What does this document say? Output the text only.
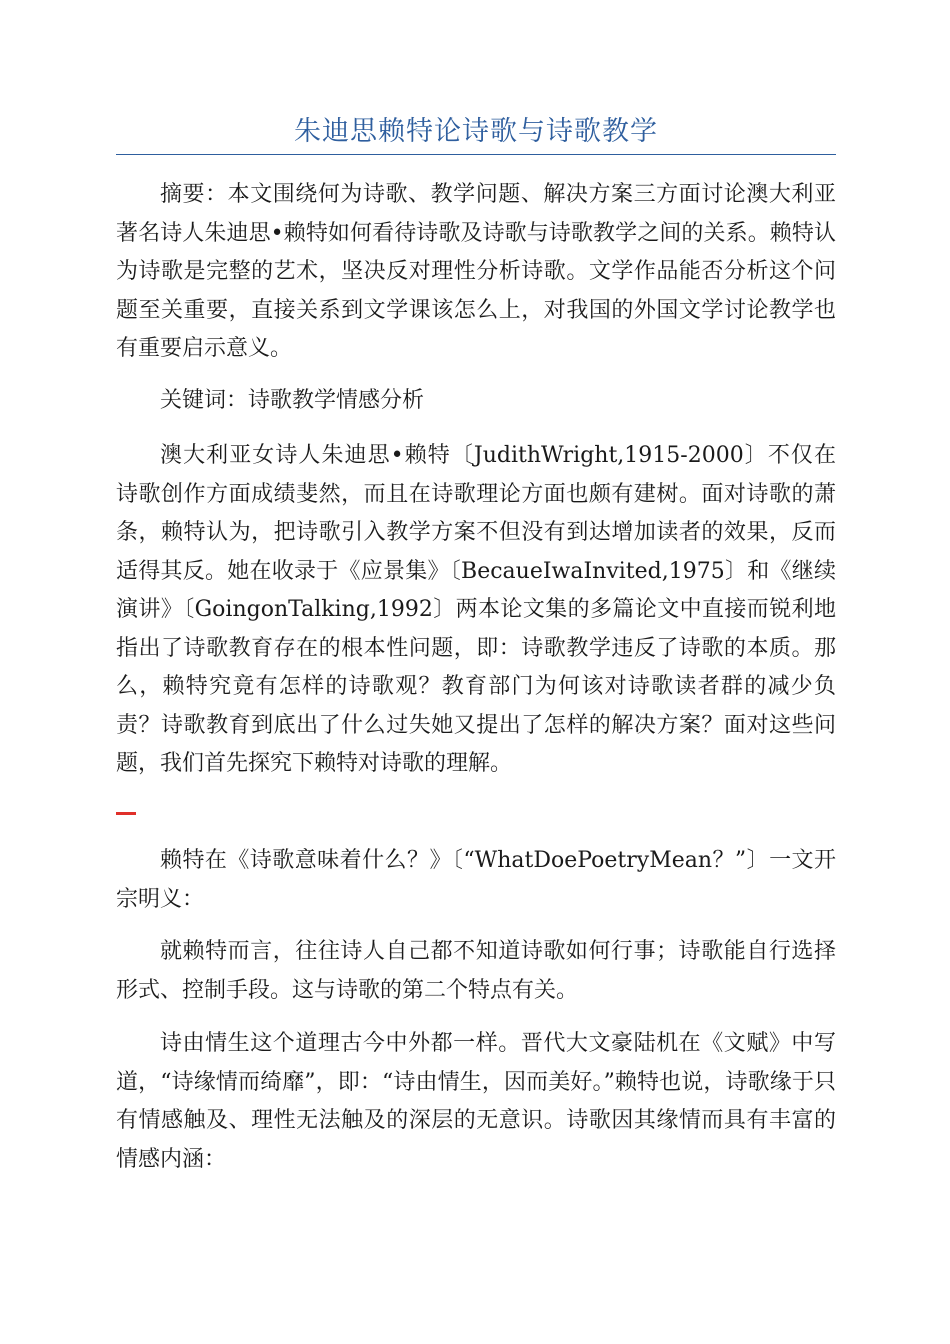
朱迪思赖特论诗歌与诗歌教学

摘要：本文围绕何为诗歌、教学问题、解决方案三方面讨论澳大利亚著名诗人朱迪思•赖特如何看待诗歌及诗歌与诗歌教学之间的关系。赖特认为诗歌是完整的艺术，坚决反对理性分析诗歌。文学作品能否分析这个问题至关重要，直接关系到文学课该怎么上，对我国的外国文学讨论教学也有重要启示意义。

关键词：诗歌教学情感分析

澳大利亚女诗人朱迪思•赖特〔JudithWright,1915-2000〕不仅在诗歌创作方面成绩斐然，而且在诗歌理论方面也颇有建树。面对诗歌的萧条，赖特认为，把诗歌引入教学方案不但没有到达增加读者的效果，反而适得其反。她在收录于《应景集》〔BecaueIwaInvited,1975〕和《继续演讲》〔GoingonTalking,1992〕两本论文集的多篇论文中直接而锐利地指出了诗歌教育存在的根本性问题，即：诗歌教学违反了诗歌的本质。那么，赖特究竟有怎样的诗歌观？教育部门为何该对诗歌读者群的减少负责？诗歌教育到底出了什么过失她又提出了怎样的解决方案？面对这些问题，我们首先探究下赖特对诗歌的理解。

赖特在《诗歌意味着什么？》〔“WhatDoePoetryMean？”〕一文开宗明义：

就赖特而言，往往诗人自己都不知道诗歌如何行事；诗歌能自行选择形式、控制手段。这与诗歌的第二个特点有关。

诗由情生这个道理古今中外都一样。晋代大文豪陆机在《文赋》中写道，“诗缘情而绮靡”，即：“诗由情生，因而美好。”赖特也说，诗歌缘于只有情感触及、理性无法触及的深层的无意识。诗歌因其缘情而具有丰富的情感内涵：
